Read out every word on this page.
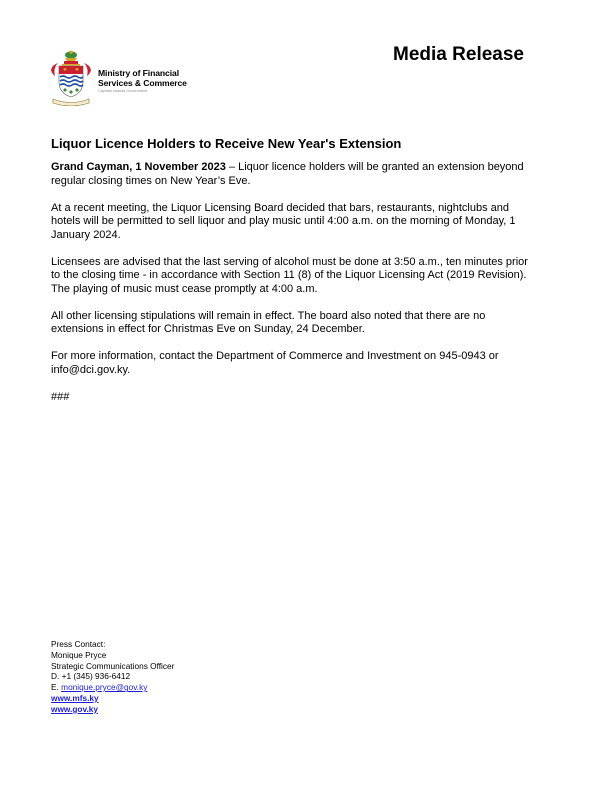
Media Release
Ministry of Financial Services & Commerce
Cayman Islands Government
Liquor Licence Holders to Receive New Year's Extension

Grand Cayman, 1 November 2023 – Liquor licence holders will be granted an extension beyond regular closing times on New Year’s Eve.

At a recent meeting, the Liquor Licensing Board decided that bars, restaurants, nightclubs and hotels will be permitted to sell liquor and play music until 4:00 a.m. on the morning of Monday, 1 January 2024.

Licensees are advised that the last serving of alcohol must be done at 3:50 a.m., ten minutes prior to the closing time - in accordance with Section 11 (8) of the Liquor Licensing Act (2019 Revision). The playing of music must cease promptly at 4:00 a.m.

All other licensing stipulations will remain in effect. The board also noted that there are no extensions in effect for Christmas Eve on Sunday, 24 December.

For more information, contact the Department of Commerce and Investment on 945-0943 or info@dci.gov.ky.

###

Press Contact:
Monique Pryce
Strategic Communications Officer
D. +1 (345) 936-6412
E. monique.pryce@gov.ky
www.mfs.ky
www.gov.ky
